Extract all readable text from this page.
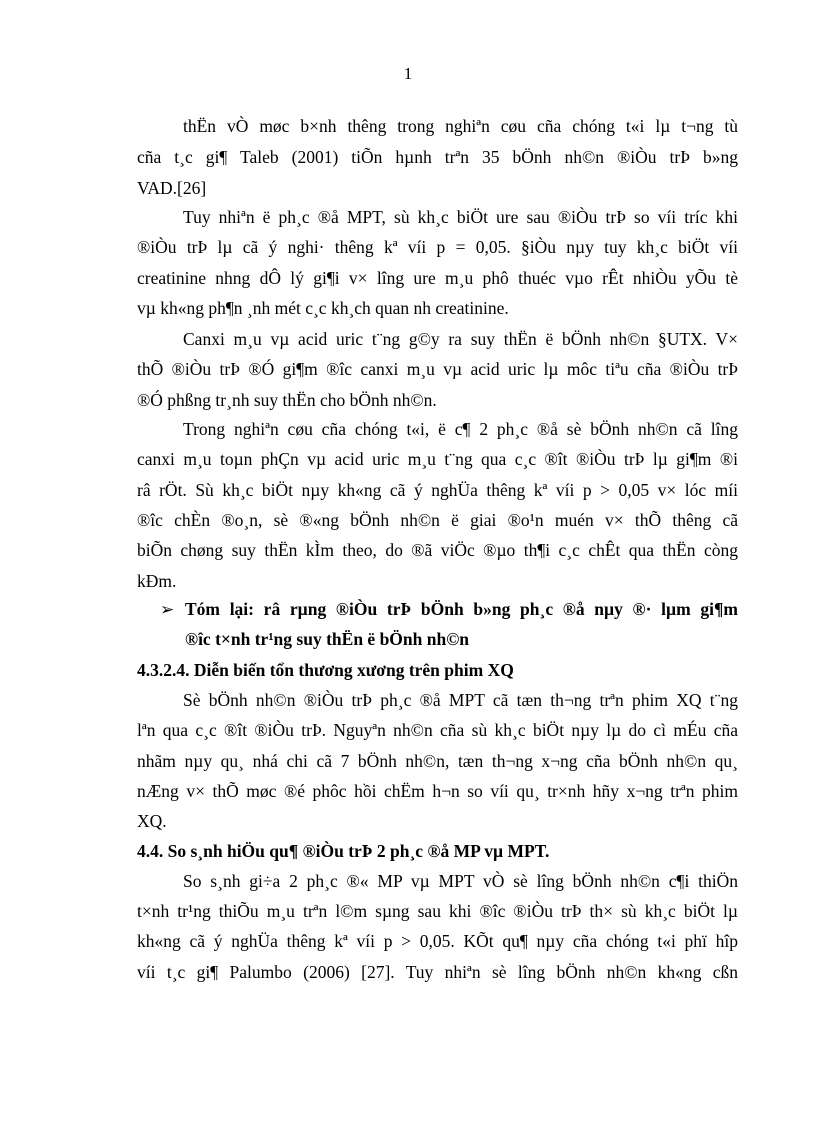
1
thËn vÒ møc b×nh thêng trong nghiªn cøu cña chóng t«i lµ t¬ng tù
cña t¸c gi¶ Taleb (2001) tiÕn hµnh trªn 35 bÖnh nh©n ®iÒu trÞ b»ng
VAD.[26]
Tuy nhiªn ë ph¸c ®å MPT, sù kh¸c biÖt ure sau ®iÒu trÞ so víi tríc khi
®iÒu trÞ lµ cã ý nghi· thêng kª víi p = 0,05. §iÒu nµy tuy kh¸c biÖt víi
creatinine nhng dÔ lý gi¶i v× lîng ure m¸u phô thuéc vµo rÊt nhiÒu yÕu tè
vµ kh«ng ph¶n ¸nh mét c¸c kh¸ch quan nh creatinine.
Canxi m¸u vµ acid uric t¨ng g©y ra suy thËn ë bÖnh nh©n §UTX. V×
thÕ ®iÒu trÞ ®Ó gi¶m ®îc canxi m¸u vµ acid uric lµ môc tiªu cña ®iÒu trÞ
®Ó phßng tr¸nh suy thËn cho bÖnh nh©n.
Trong nghiªn cøu cña chóng t«i, ë c¶ 2 ph¸c ®å sè bÖnh nh©n cã lîng
canxi m¸u toµn phÇn vµ acid uric m¸u t¨ng qua c¸c ®ît ®iÒu trÞ lµ gi¶m ®i
râ rÖt. Sù kh¸c biÖt nµy kh«ng cã ý nghÜa thêng kª víi p > 0,05 v× lóc míi
®îc chÈn ®o¸n, sè ®«ng bÖnh nh©n ë giai ®o¹n muén v× thÕ thêng cã
biÕn chøng suy thËn kÌm theo, do ®ã viÖc ®µo th¶i c¸c chÊt qua thËn còng
kÐm.
Tóm lại: râ rµng ®iÒu trÞ bÖnh b»ng ph¸c ®å nµy ®· lµm gi¶m
➢
®îc t×nh tr¹ng suy thËn ë bÖnh nh©n
4.3.2.4. Diễn biến tổn thương xương trên phim XQ
Sè bÖnh nh©n ®iÒu trÞ ph¸c ®å MPT cã tæn th¬ng trªn phim XQ t¨ng
lªn qua c¸c ®ît ®iÒu trÞ. Nguyªn nh©n cña sù kh¸c biÖt nµy lµ do cì mÉu cña
nhãm nµy qu¸ nhá chi cã 7 bÖnh nh©n, tæn th¬ng x¬ng cña bÖnh nh©n qu¸
nÆng v× thÕ møc ®é phôc hồi chËm h¬n so víi qu¸ tr×nh hñy x¬ng trªn phim
XQ.
4.4. So s¸nh hiÖu qu¶ ®iÒu trÞ 2 ph¸c ®å MP vµ MPT.
So s¸nh gi÷a 2 ph¸c ®« MP vµ MPT vÒ sè lîng bÖnh nh©n c¶i thiÖn
t×nh tr¹ng thiÕu m¸u trªn l©m sµng sau khi ®îc ®iÒu trÞ th× sù kh¸c biÖt lµ
kh«ng cã ý nghÜa thêng kª víi p > 0,05. KÕt qu¶ nµy cña chóng t«i phï hîp
víi t¸c gi¶ Palumbo (2006) [27]. Tuy nhiªn sè lîng bÖnh nh©n kh«ng cßn
